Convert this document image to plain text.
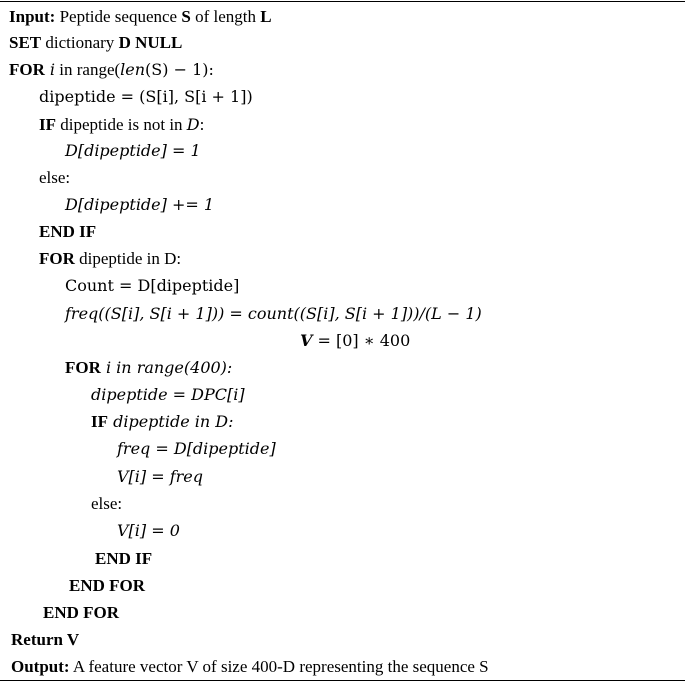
Input: Peptide sequence S of length L
SET dictionary D NULL
FOR i in range(len(S) − 1):
dipeptide = (S[i], S[i + 1])
IF dipeptide is not in D:
D[dipeptide] = 1
else:
D[dipeptide] += 1
END IF
FOR dipeptide in D:
Count = D[dipeptide]
freq((S[i], S[i + 1])) = count((S[i], S[i + 1]))/(L − 1)
V = [0] ∗ 400
FOR i in range(400):
dipeptide = DPC[i]
IF dipeptide in D:
freq = D[dipeptide]
V[i] = freq
else:
V[i] = 0
END IF
END FOR
END FOR
Return V
Output: A feature vector V of size 400-D representing the sequence S
